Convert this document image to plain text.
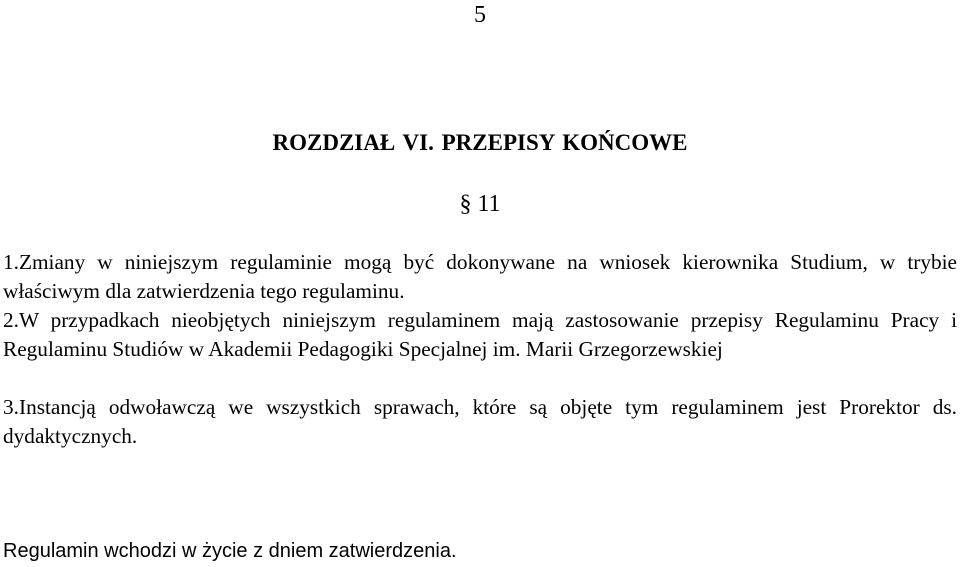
5
ROZDZIAŁ VI. PRZEPISY KOŃCOWE
§ 11
1.Zmiany w niniejszym regulaminie mogą być dokonywane na wniosek kierownika Studium, w trybie właściwym dla zatwierdzenia tego regulaminu.
2.W przypadkach nieobjętych niniejszym regulaminem mają zastosowanie przepisy Regulaminu Pracy i Regulaminu Studiów w Akademii Pedagogiki Specjalnej im. Marii Grzegorzewskiej
3.Instancją odwoławczą we wszystkich sprawach, które są objęte tym regulaminem jest Prorektor ds. dydaktycznych.
Regulamin wchodzi w życie z dniem zatwierdzenia.
